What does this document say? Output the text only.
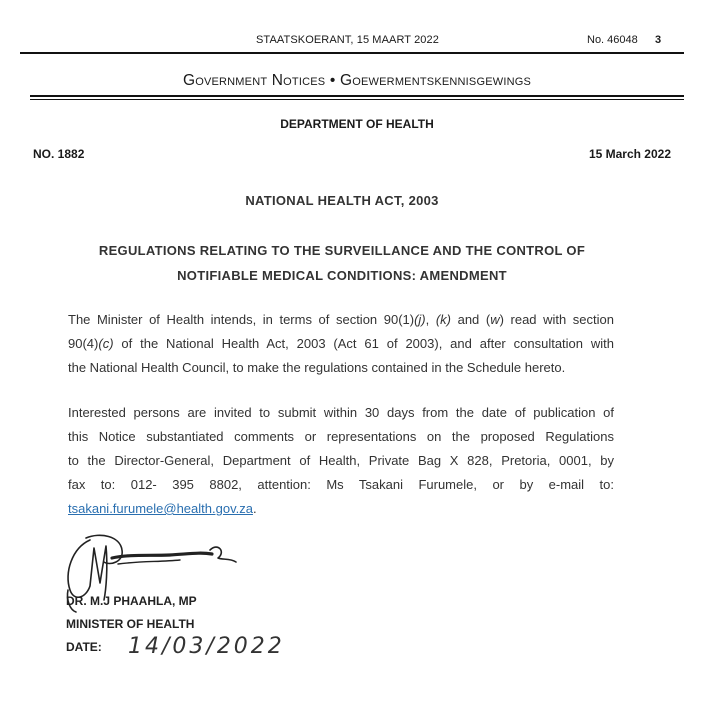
STAATSKOERANT, 15 MAART 2022	No. 46048 3
Government Notices • Goewermentskennisgewings
DEPARTMENT OF HEALTH
NO. 1882	15 March 2022
NATIONAL HEALTH ACT, 2003
REGULATIONS RELATING TO THE SURVEILLANCE AND THE CONTROL OF
NOTIFIABLE MEDICAL CONDITIONS: AMENDMENT
The Minister of Health intends, in terms of section 90(1)(j), (k) and (w) read with section
90(4)(c) of the National Health Act, 2003 (Act 61 of 2003), and after consultation with
the National Health Council, to make the regulations contained in the Schedule hereto.
Interested persons are invited to submit within 30 days from the date of publication of
this Notice substantiated comments or representations on the proposed Regulations
to the Director-General, Department of Health, Private Bag X 828, Pretoria, 0001, by
fax to: 012- 395 8802, attention: Ms Tsakani Furumele, or by e-mail to:
tsakani.furumele@health.gov.za.
DR. M.J PHAAHLA, MP
MINISTER OF HEALTH
DATE:	14/03/2022
